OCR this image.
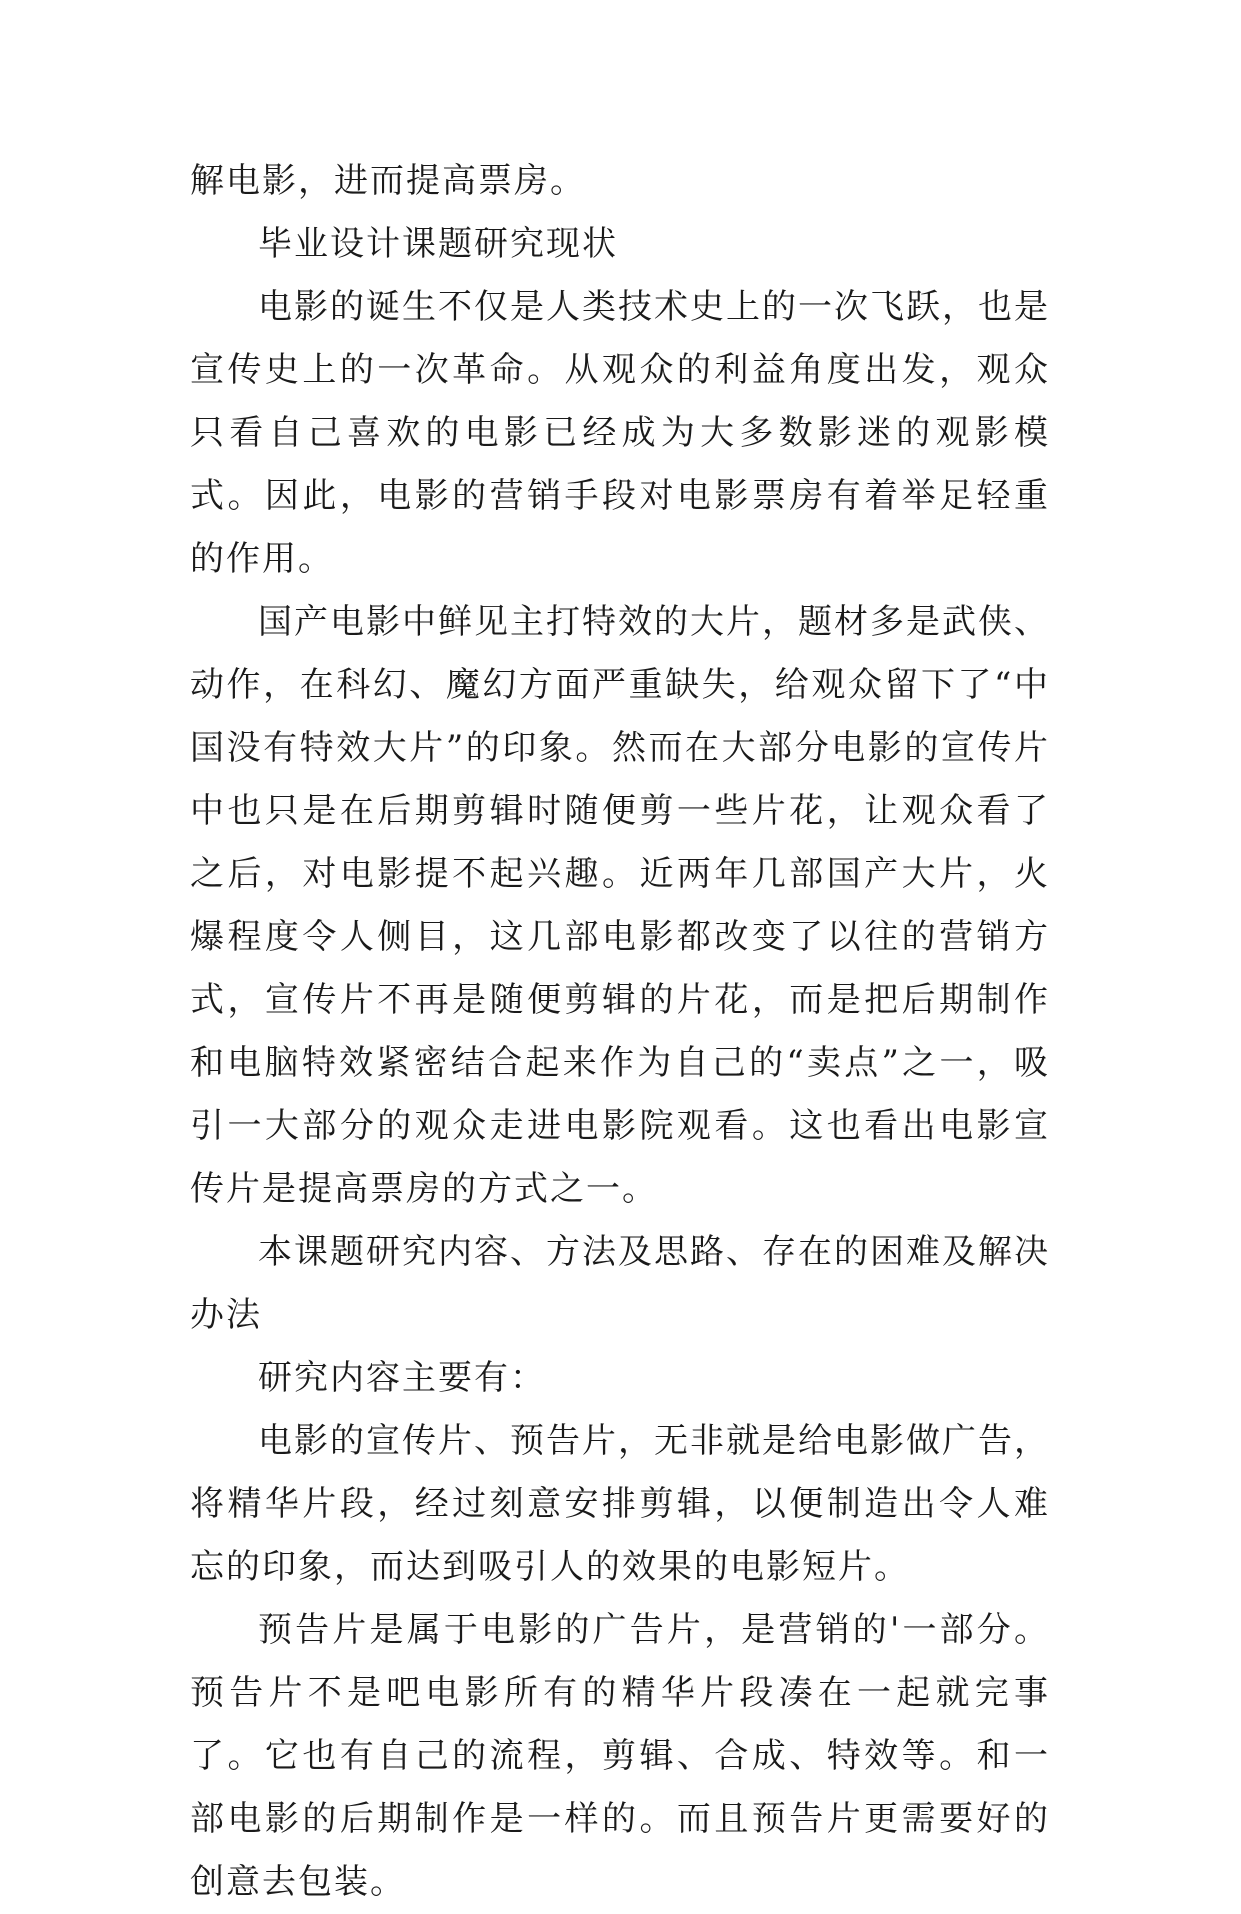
解电影，进而提高票房。

毕业设计课题研究现状

电影的诞生不仅是人类技术史上的一次飞跃，也是宣传史上的一次革命。从观众的利益角度出发，观众只看自己喜欢的电影已经成为大多数影迷的观影模式。因此，电影的营销手段对电影票房有着举足轻重的作用。

国产电影中鲜见主打特效的大片，题材多是武侠、动作，在科幻、魔幻方面严重缺失，给观众留下了“中国没有特效大片”的印象。然而在大部分电影的宣传片中也只是在后期剪辑时随便剪一些片花，让观众看了之后，对电影提不起兴趣。近两年几部国产大片，火爆程度令人侧目，这几部电影都改变了以往的营销方式，宣传片不再是随便剪辑的片花，而是把后期制作和电脑特效紧密结合起来作为自己的“卖点”之一，吸引一大部分的观众走进电影院观看。这也看出电影宣传片是提高票房的方式之一。

本课题研究内容、方法及思路、存在的困难及解决办法

研究内容主要有：

电影的宣传片、预告片，无非就是给电影做广告，将精华片段，经过刻意安排剪辑，以便制造出令人难忘的印象，而达到吸引人的效果的电影短片。

预告片是属于电影的广告片，是营销的'一部分。预告片不是吧电影所有的精华片段凑在一起就完事了。它也有自己的流程，剪辑、合成、特效等。和一部电影的后期制作是一样的。而且预告片更需要好的创意去包装。
